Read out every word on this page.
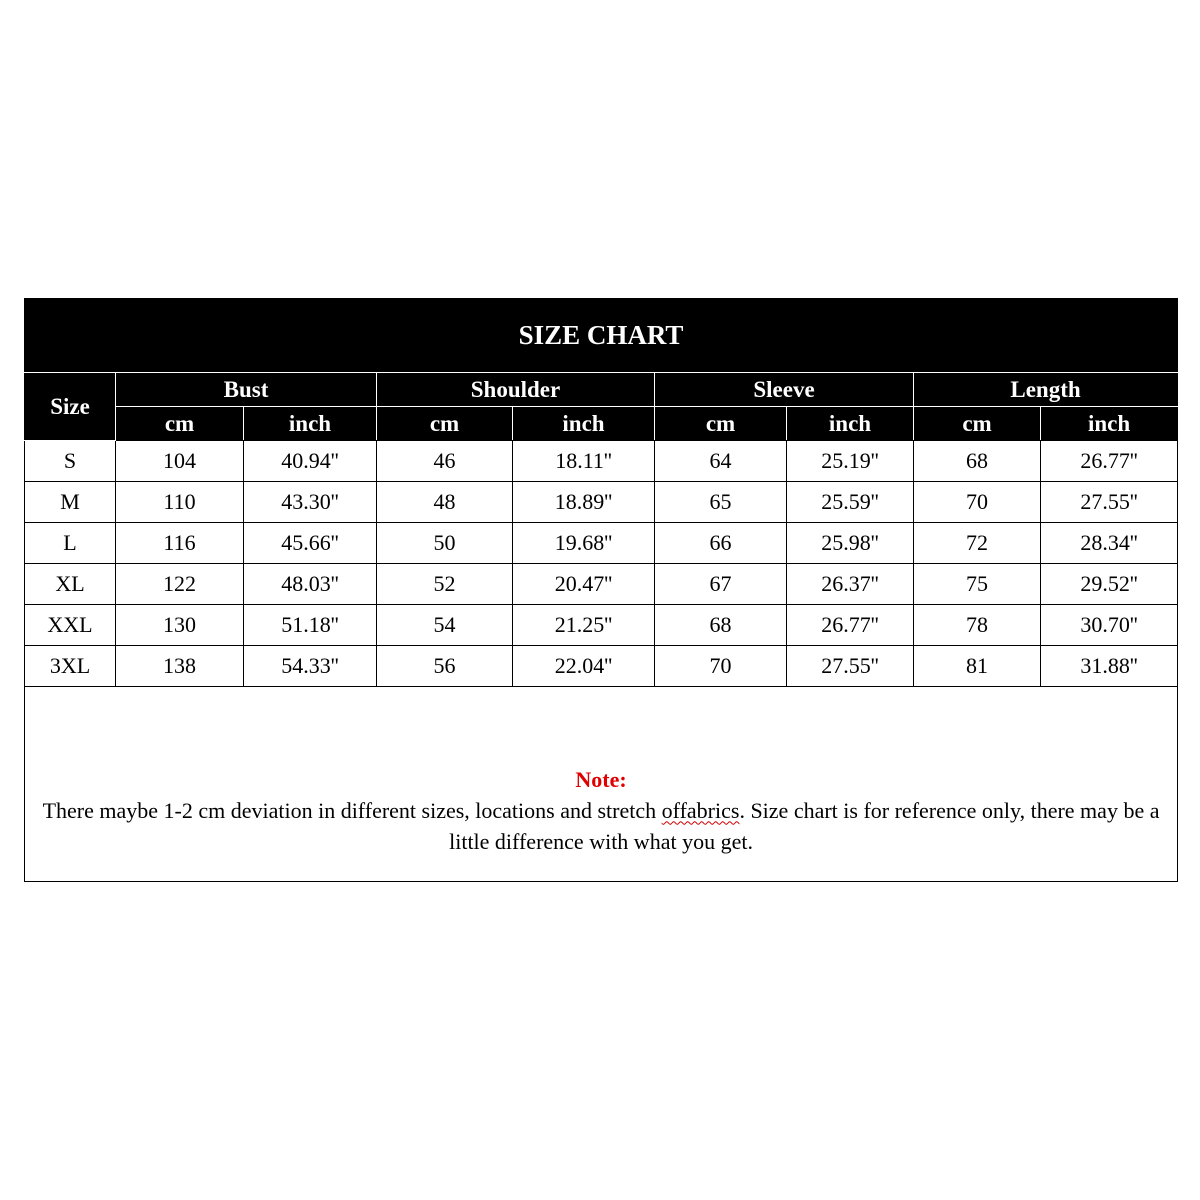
SIZE CHART								
Size	Bust		Shoulder		Sleeve		Length	
	cm	inch	cm	inch	cm	inch	cm	inch
S	104	40.94''	46	18.11''	64	25.19''	68	26.77''
M	110	43.30''	48	18.89''	65	25.59''	70	27.55''
L	116	45.66''	50	19.68''	66	25.98''	72	28.34''
XL	122	48.03''	52	20.47''	67	26.37''	75	29.52''
XXL	130	51.18''	54	21.25''	68	26.77''	78	30.70''
3XL	138	54.33''	56	22.04''	70	27.55''	81	31.88''

Note:
There maybe 1-2 cm deviation in different sizes, locations and stretch offabrics. Size chart is for reference only, there may be a little difference with what you get.								
